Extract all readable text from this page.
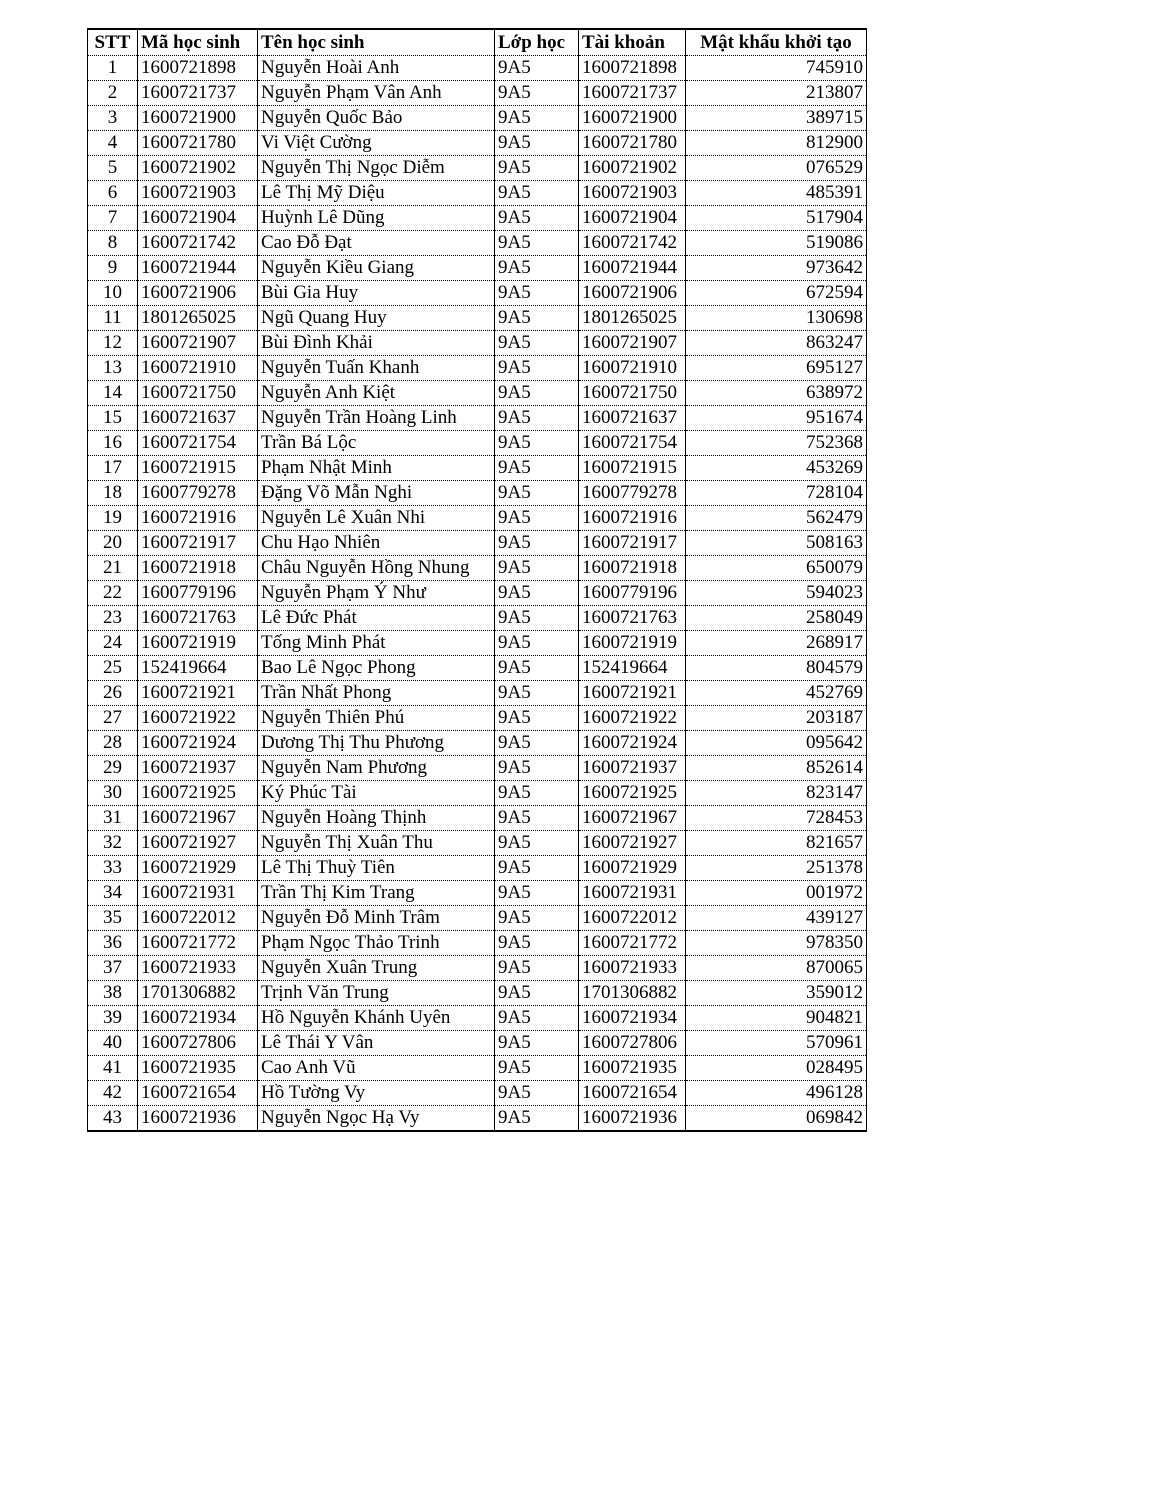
STT	Mã học sinh	Tên học sinh	Lớp học	Tài khoản	Mật khẩu khởi tạo
1	1600721898	Nguyễn Hoài Anh	9A5	1600721898	745910
2	1600721737	Nguyễn Phạm Vân Anh	9A5	1600721737	213807
3	1600721900	Nguyễn Quốc Bảo	9A5	1600721900	389715
4	1600721780	Vi Việt Cường	9A5	1600721780	812900
5	1600721902	Nguyễn Thị Ngọc Diễm	9A5	1600721902	076529
6	1600721903	Lê Thị Mỹ Diệu	9A5	1600721903	485391
7	1600721904	Huỳnh Lê Dũng	9A5	1600721904	517904
8	1600721742	Cao Đỗ Đạt	9A5	1600721742	519086
9	1600721944	Nguyễn Kiều Giang	9A5	1600721944	973642
10	1600721906	Bùi Gia Huy	9A5	1600721906	672594
11	1801265025	Ngũ Quang Huy	9A5	1801265025	130698
12	1600721907	Bùi Đình Khải	9A5	1600721907	863247
13	1600721910	Nguyễn Tuấn Khanh	9A5	1600721910	695127
14	1600721750	Nguyễn Anh Kiệt	9A5	1600721750	638972
15	1600721637	Nguyễn Trần Hoàng Linh	9A5	1600721637	951674
16	1600721754	Trần Bá Lộc	9A5	1600721754	752368
17	1600721915	Phạm Nhật Minh	9A5	1600721915	453269
18	1600779278	Đặng Võ Mẫn Nghi	9A5	1600779278	728104
19	1600721916	Nguyễn Lê Xuân Nhi	9A5	1600721916	562479
20	1600721917	Chu Hạo Nhiên	9A5	1600721917	508163
21	1600721918	Châu Nguyễn Hồng Nhung	9A5	1600721918	650079
22	1600779196	Nguyễn Phạm Ý Như	9A5	1600779196	594023
23	1600721763	Lê Đức Phát	9A5	1600721763	258049
24	1600721919	Tống Minh Phát	9A5	1600721919	268917
25	152419664	Bao Lê Ngọc Phong	9A5	152419664	804579
26	1600721921	Trần Nhất Phong	9A5	1600721921	452769
27	1600721922	Nguyễn Thiên Phú	9A5	1600721922	203187
28	1600721924	Dương Thị Thu Phương	9A5	1600721924	095642
29	1600721937	Nguyễn Nam Phương	9A5	1600721937	852614
30	1600721925	Ký Phúc Tài	9A5	1600721925	823147
31	1600721967	Nguyễn Hoàng Thịnh	9A5	1600721967	728453
32	1600721927	Nguyễn Thị Xuân Thu	9A5	1600721927	821657
33	1600721929	Lê Thị Thuỳ Tiên	9A5	1600721929	251378
34	1600721931	Trần Thị Kim Trang	9A5	1600721931	001972
35	1600722012	Nguyễn Đỗ Minh Trâm	9A5	1600722012	439127
36	1600721772	Phạm Ngọc Thảo Trinh	9A5	1600721772	978350
37	1600721933	Nguyễn Xuân Trung	9A5	1600721933	870065
38	1701306882	Trịnh Văn Trung	9A5	1701306882	359012
39	1600721934	Hồ Nguyễn Khánh Uyên	9A5	1600721934	904821
40	1600727806	Lê Thái Y Vân	9A5	1600727806	570961
41	1600721935	Cao Anh Vũ	9A5	1600721935	028495
42	1600721654	Hồ Tường Vy	9A5	1600721654	496128
43	1600721936	Nguyễn Ngọc Hạ Vy	9A5	1600721936	069842
